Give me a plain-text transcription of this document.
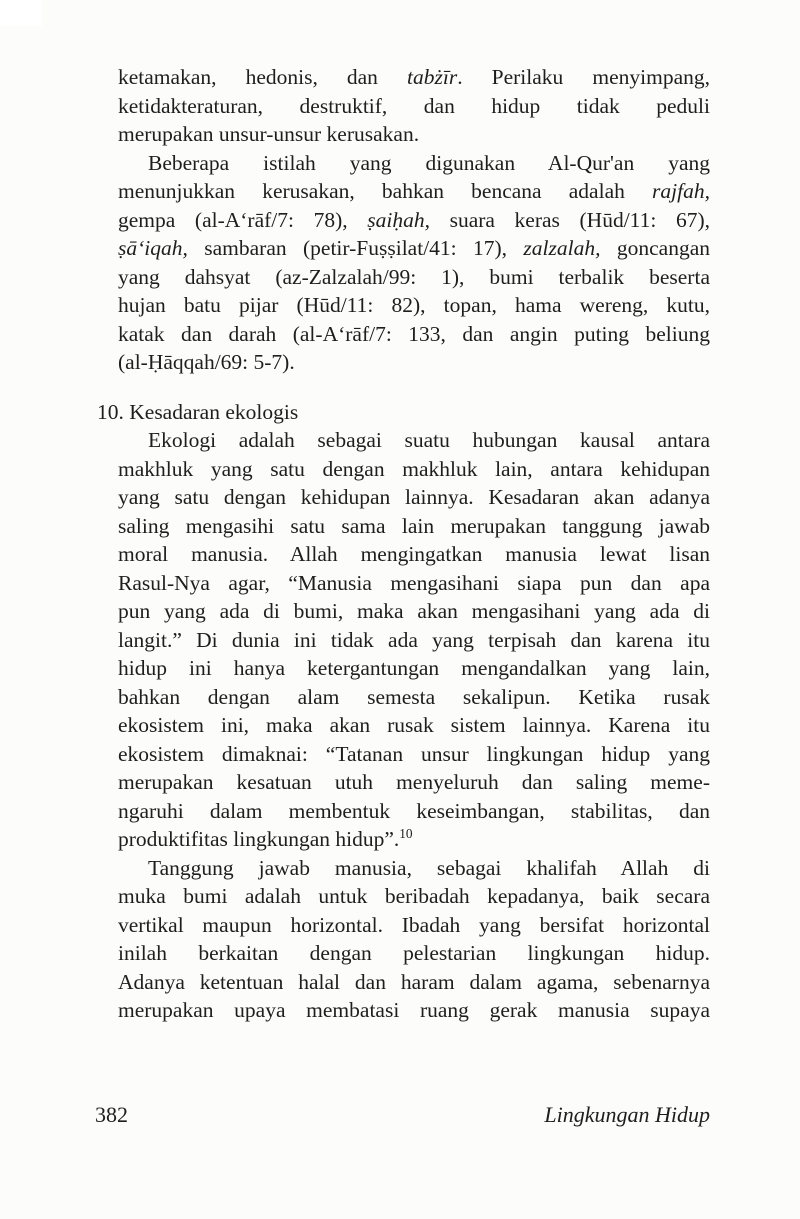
ketamakan, hedonis, dan tabżīr. Perilaku menyimpang,
ketidakteraturan, destruktif, dan hidup tidak peduli
merupakan unsur-unsur kerusakan.
Beberapa istilah yang digunakan Al-Qur'an yang
menunjukkan kerusakan, bahkan bencana adalah rajfah,
gempa (al-A‘rāf/7: 78), ṣaiḥah, suara keras (Hūd/11: 67),
ṣā‘iqah, sambaran (petir-Fuṣṣilat/41: 17), zalzalah, goncangan
yang dahsyat (az-Zalzalah/99: 1), bumi terbalik beserta
hujan batu pijar (Hūd/11: 82), topan, hama wereng, kutu,
katak dan darah (al-A‘rāf/7: 133, dan angin puting beliung
(al-Ḥāqqah/69: 5-7).
10. Kesadaran ekologis
Ekologi adalah sebagai suatu hubungan kausal antara
makhluk yang satu dengan makhluk lain, antara kehidupan
yang satu dengan kehidupan lainnya. Kesadaran akan adanya
saling mengasihi satu sama lain merupakan tanggung jawab
moral manusia. Allah mengingatkan manusia lewat lisan
Rasul-Nya agar, “Manusia mengasihani siapa pun dan apa
pun yang ada di bumi, maka akan mengasihani yang ada di
langit.” Di dunia ini tidak ada yang terpisah dan karena itu
hidup ini hanya ketergantungan mengandalkan yang lain,
bahkan dengan alam semesta sekalipun. Ketika rusak
ekosistem ini, maka akan rusak sistem lainnya. Karena itu
ekosistem dimaknai: “Tatanan unsur lingkungan hidup yang
merupakan kesatuan utuh menyeluruh dan saling meme-
ngaruhi dalam membentuk keseimbangan, stabilitas, dan
produktifitas lingkungan hidup”.$^{10}$
Tanggung jawab manusia, sebagai khalifah Allah di
muka bumi adalah untuk beribadah kepadanya, baik secara
vertikal maupun horizontal. Ibadah yang bersifat horizontal
inilah berkaitan dengan pelestarian lingkungan hidup.
Adanya ketentuan halal dan haram dalam agama, sebenarnya
merupakan upaya membatasi ruang gerak manusia supaya
382	Lingkungan Hidup
